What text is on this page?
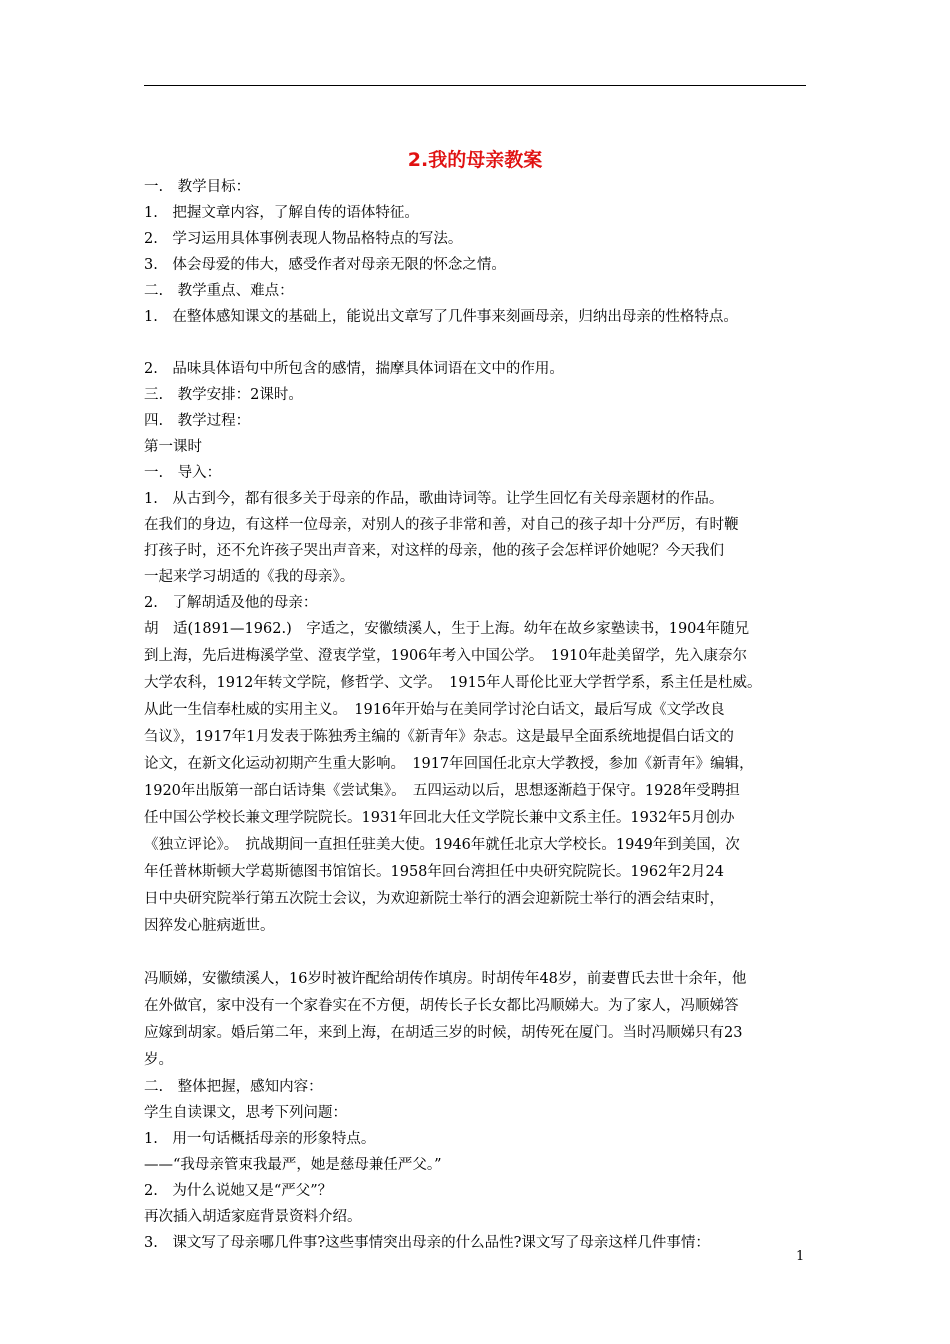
2.我的母亲教案
一.　教学目标：
1.　把握文章内容，了解自传的语体特征。
2.　学习运用具体事例表现人物品格特点的写法。
3.　体会母爱的伟大，感受作者对母亲无限的怀念之情。
二.　教学重点、难点：
1.　在整体感知课文的基础上，能说出文章写了几件事来刻画母亲，归纳出母亲的性格特点。
2.　品味具体语句中所包含的感情，揣摩具体词语在文中的作用。
三.　教学安排：2课时。
四.　教学过程：
第一课时
一.　导入：
1.　从古到今，都有很多关于母亲的作品，歌曲诗词等。让学生回忆有关母亲题材的作品。
在我们的身边，有这样一位母亲，对别人的孩子非常和善，对自己的孩子却十分严厉，有时鞭
打孩子时，还不允许孩子哭出声音来，对这样的母亲，他的孩子会怎样评价她呢？今天我们
一起来学习胡适的《我的母亲》。
2.　了解胡适及他的母亲：
胡　适(1891—1962.)　字适之，安徽绩溪人，生于上海。幼年在故乡家塾读书，1904年随兄
到上海，先后进梅溪学堂、澄衷学堂，1906年考入中国公学。　1910年赴美留学，先入康奈尔
大学农科，1912年转文学院，修哲学、文学。　1915年人哥伦比亚大学哲学系，系主任是杜威。
从此一生信奉杜威的实用主义。　1916年开始与在美同学讨沦白话文，最后写成《文学改良
刍议》，1917年1月发表于陈独秀主编的《新青年》杂志。这是最早全面系统地提倡白话文的
论文，在新文化运动初期产生重大影响。　1917年回国任北京大学教授，参加《新青年》编辑，
1920年出版第一部白话诗集《尝试集》。　五四运动以后，思想逐渐趋于保守。1928年受聘担
任中国公学校长兼文理学院院长。1931年回北大任文学院长兼中文系主任。1932年5月创办
《独立评论》。　抗战期间一直担任驻美大使。1946年就任北京大学校长。1949年到美国，次
年任普林斯顿大学葛斯德图书馆馆长。1958年回台湾担任中央研究院院长。1962年2月24
日中央研究院举行第五次院士会议，为欢迎新院士举行的酒会迎新院士举行的酒会结束时，
因猝发心脏病逝世。
冯顺娣，安徽绩溪人，16岁时被许配给胡传作填房。时胡传年48岁，前妻曹氏去世十余年，他
在外做官，家中没有一个家眷实在不方便，胡传长子长女都比冯顺娣大。为了家人，冯顺娣答
应嫁到胡家。婚后第二年，来到上海，在胡适三岁的时候，胡传死在厦门。当时冯顺娣只有23
岁。
二.　整体把握，感知内容：
学生自读课文，思考下列问题：
1.　用一句话概括母亲的形象特点。
——“我母亲管束我最严，她是慈母兼任严父。”
2.　为什么说她又是“严父”？
再次插入胡适家庭背景资料介绍。
3.　课文写了母亲哪几件事?这些事情突出母亲的什么品性?课文写了母亲这样几件事情：
1
